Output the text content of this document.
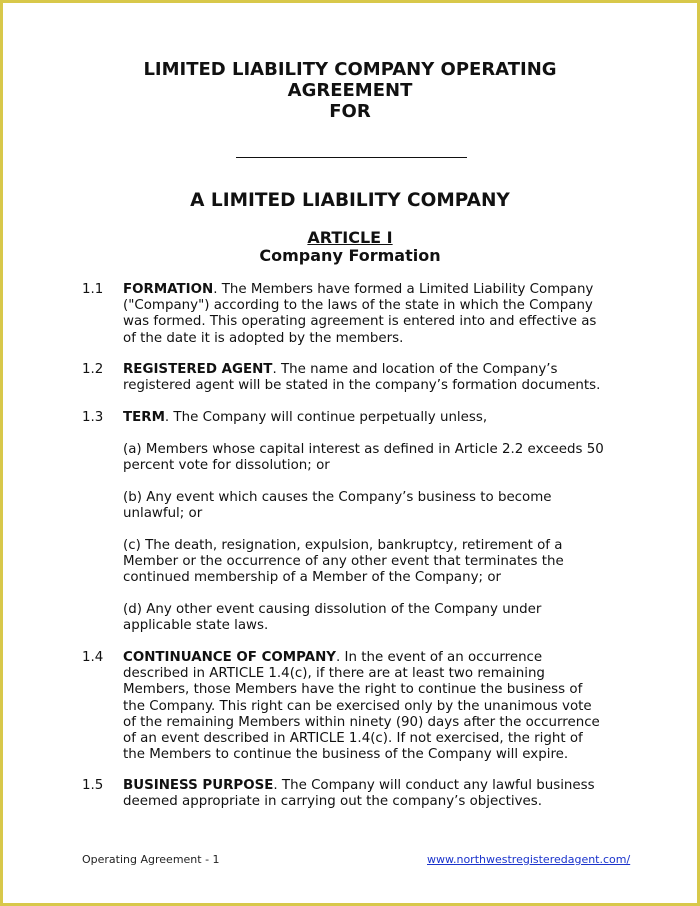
LIMITED LIABILITY COMPANY OPERATING
AGREEMENT
FOR
A LIMITED LIABILITY COMPANY
ARTICLE I
Company Formation
1.1 FORMATION. The Members have formed a Limited Liability Company
("Company") according to the laws of the state in which the Company
was formed. This operating agreement is entered into and effective as
of the date it is adopted by the members.
1.2 REGISTERED AGENT. The name and location of the Company’s
registered agent will be stated in the company’s formation documents.
1.3 TERM. The Company will continue perpetually unless,
(a) Members whose capital interest as defined in Article 2.2 exceeds 50
percent vote for dissolution; or
(b) Any event which causes the Company’s business to become
unlawful; or
(c) The death, resignation, expulsion, bankruptcy, retirement of a
Member or the occurrence of any other event that terminates the
continued membership of a Member of the Company; or
(d) Any other event causing dissolution of the Company under
applicable state laws.
1.4 CONTINUANCE OF COMPANY. In the event of an occurrence
described in ARTICLE 1.4(c), if there are at least two remaining
Members, those Members have the right to continue the business of
the Company. This right can be exercised only by the unanimous vote
of the remaining Members within ninety (90) days after the occurrence
of an event described in ARTICLE 1.4(c). If not exercised, the right of
the Members to continue the business of the Company will expire.
1.5 BUSINESS PURPOSE. The Company will conduct any lawful business
deemed appropriate in carrying out the company’s objectives.
Operating Agreement - 1	www.northwestregisteredagent.com/
